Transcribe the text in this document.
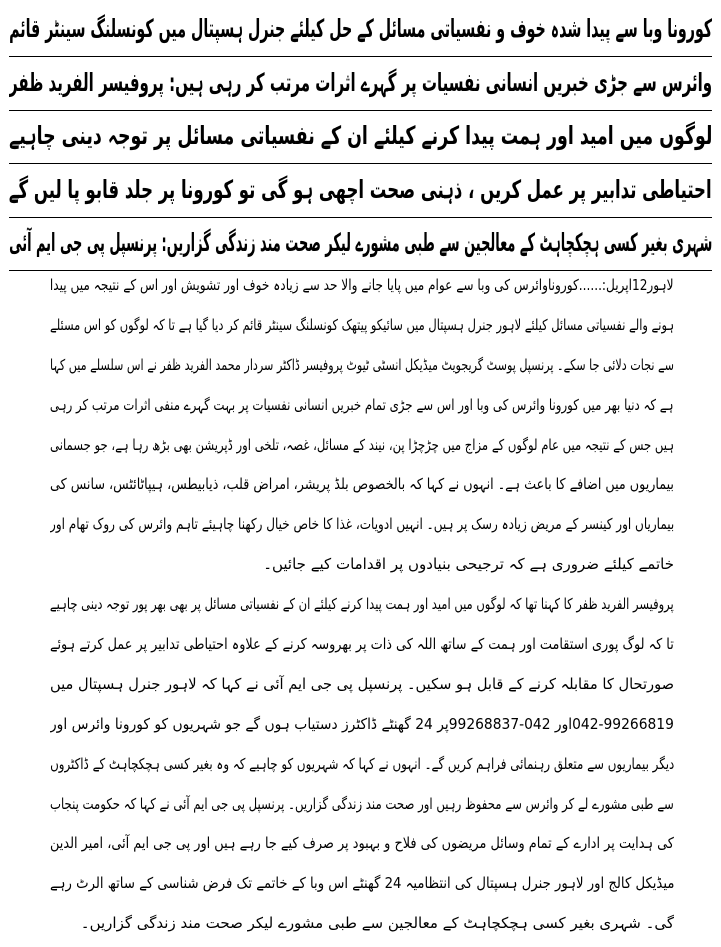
کورونا وبا سے پیدا شدہ خوف و نفسیاتی مسائل کے حل کیلئے جنرل ہسپتال میں کونسلنگ سینٹر قائم
وائرس سے جڑی خبریں انسانی نفسیات پر گہرے اثرات مرتب کر رہی ہیں: پروفیسر الفرید ظفر
لوگوں میں امید اور ہمت پیدا کرنے کیلئے ان کے نفسیاتی مسائل پر توجہ دینی چاہیے
احتیاطی تدابیر پر عمل کریں ، ذہنی صحت اچھی ہو گی تو کورونا پر جلد قابو پا لیں گے
شہری بغیر کسی ہچکچاہٹ کے معالجین سے طبی مشورے لیکر صحت مند زندگی گزاریں: پرنسپل پی جی ایم آئی
لاہور12اپریل:......کوروناوائرس کی وبا سے عوام میں پایا جانے والا حد سے زیادہ خوف اور تشویش اور اس کے نتیجہ میں پیدا
ہونے والے نفسیاتی مسائل کیلئے لاہور جنرل ہسپتال میں سائیکو پیتھک کونسلنگ سینٹر قائم کر دیا گیا ہے تا کہ لوگوں کو اس مسئلے
سے نجات دلائی جا سکے۔ پرنسپل پوسٹ گریجویٹ میڈیکل انسٹی ٹیوٹ پروفیسر ڈاکٹر سردار محمد الفرید ظفر نے اس سلسلے میں کہا
ہے کہ دنیا بھر میں کورونا وائرس کی وبا اور اس سے جڑی تمام خبریں انسانی نفسیات پر بہت گہرے منفی اثرات مرتب کر رہی
ہیں جس کے نتیجہ میں عام لوگوں کے مزاج میں چڑچڑا پن، نیند کے مسائل، غصہ، تلخی اور ڈپریشن بھی بڑھ رہا ہے، جو جسمانی
بیماریوں میں اضافے کا باعث ہے۔ انہوں نے کہا کہ بالخصوص بلڈ پریشر، امراض قلب، ذیابیطس، ہیپاٹائٹس، سانس کی
بیماریاں اور کینسر کے مریض زیادہ رسک پر ہیں۔ انہیں ادویات، غذا کا خاص خیال رکھنا چاہیئے تاہم وائرس کی روک تھام اور
خاتمے کیلئے ضروری ہے کہ ترجیحی بنیادوں پر اقدامات کیے جائیں۔
پروفیسر الفرید ظفر کا کہنا تھا کہ لوگوں میں امید اور ہمت پیدا کرنے کیلئے ان کے نفسیاتی مسائل پر بھی بھر پور توجہ دینی چاہیے
تا کہ لوگ پوری استقامت اور ہمت کے ساتھ اللہ کی ذات پر بھروسہ کرنے کے علاوہ احتیاطی تدابیر پر عمل کرتے ہوئے
صورتحال کا مقابلہ کرنے کے قابل ہو سکیں۔ پرنسپل پی جی ایم آئی نے کہا کہ لاہور جنرل ہسپتال میں
042-99266819اور 042-99268837پر 24 گھنٹے ڈاکٹرز دستیاب ہوں گے جو شہریوں کو کورونا وائرس اور
دیگر بیماریوں سے متعلق رہنمائی فراہم کریں گے۔ انہوں نے کہا کہ شہریوں کو چاہیے کہ وہ بغیر کسی ہچکچاہٹ کے ڈاکٹروں
سے طبی مشورے لے کر وائرس سے محفوظ رہیں اور صحت مند زندگی گزاریں۔ پرنسپل پی جی ایم آئی نے کہا کہ حکومت پنجاب
کی ہدایت پر ادارے کے تمام وسائل مریضوں کی فلاح و بہبود پر صرف کیے جا رہے ہیں اور پی جی ایم آئی، امیر الدین
میڈیکل کالج اور لاہور جنرل ہسپتال کی انتظامیہ 24 گھنٹے اس وبا کے خاتمے تک فرض شناسی کے ساتھ الرٹ رہے
گی۔ شہری بغیر کسی ہچکچاہٹ کے معالجین سے طبی مشورے لیکر صحت مند زندگی گزاریں۔
